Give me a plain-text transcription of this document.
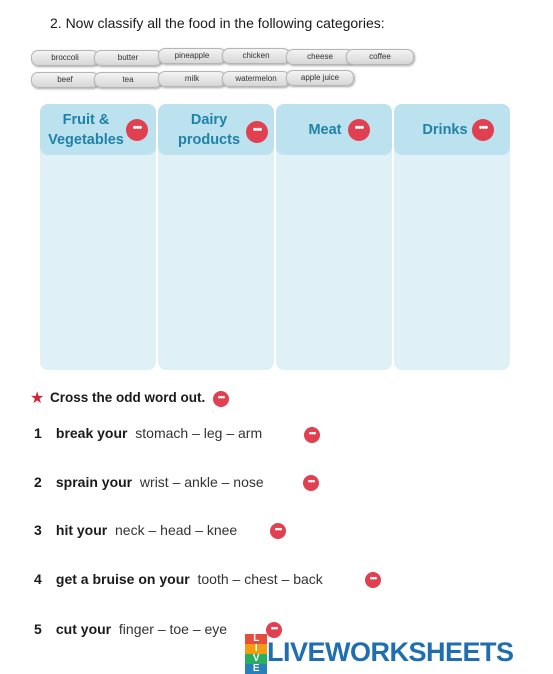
2. Now classify all the food in the following categories:
broccoli	butter	pineapple	chicken	cheese	coffee
beef	tea	milk	watermelon	apple juice
Fruit &
Vegetables
•••	Dairy
products
•••	Meat	•••	Drinks	•••
★ Cross the odd word out.	•••
1 break your stomach – leg – arm	•••
2 sprain your wrist – ankle – nose	•••
3 hit your neck – head – knee	•••
4 get a bruise on your tooth – chest – back	•••
5 cut your finger – toe – eye	•••
L
I
V
E
LIVEWORKSHEETS
